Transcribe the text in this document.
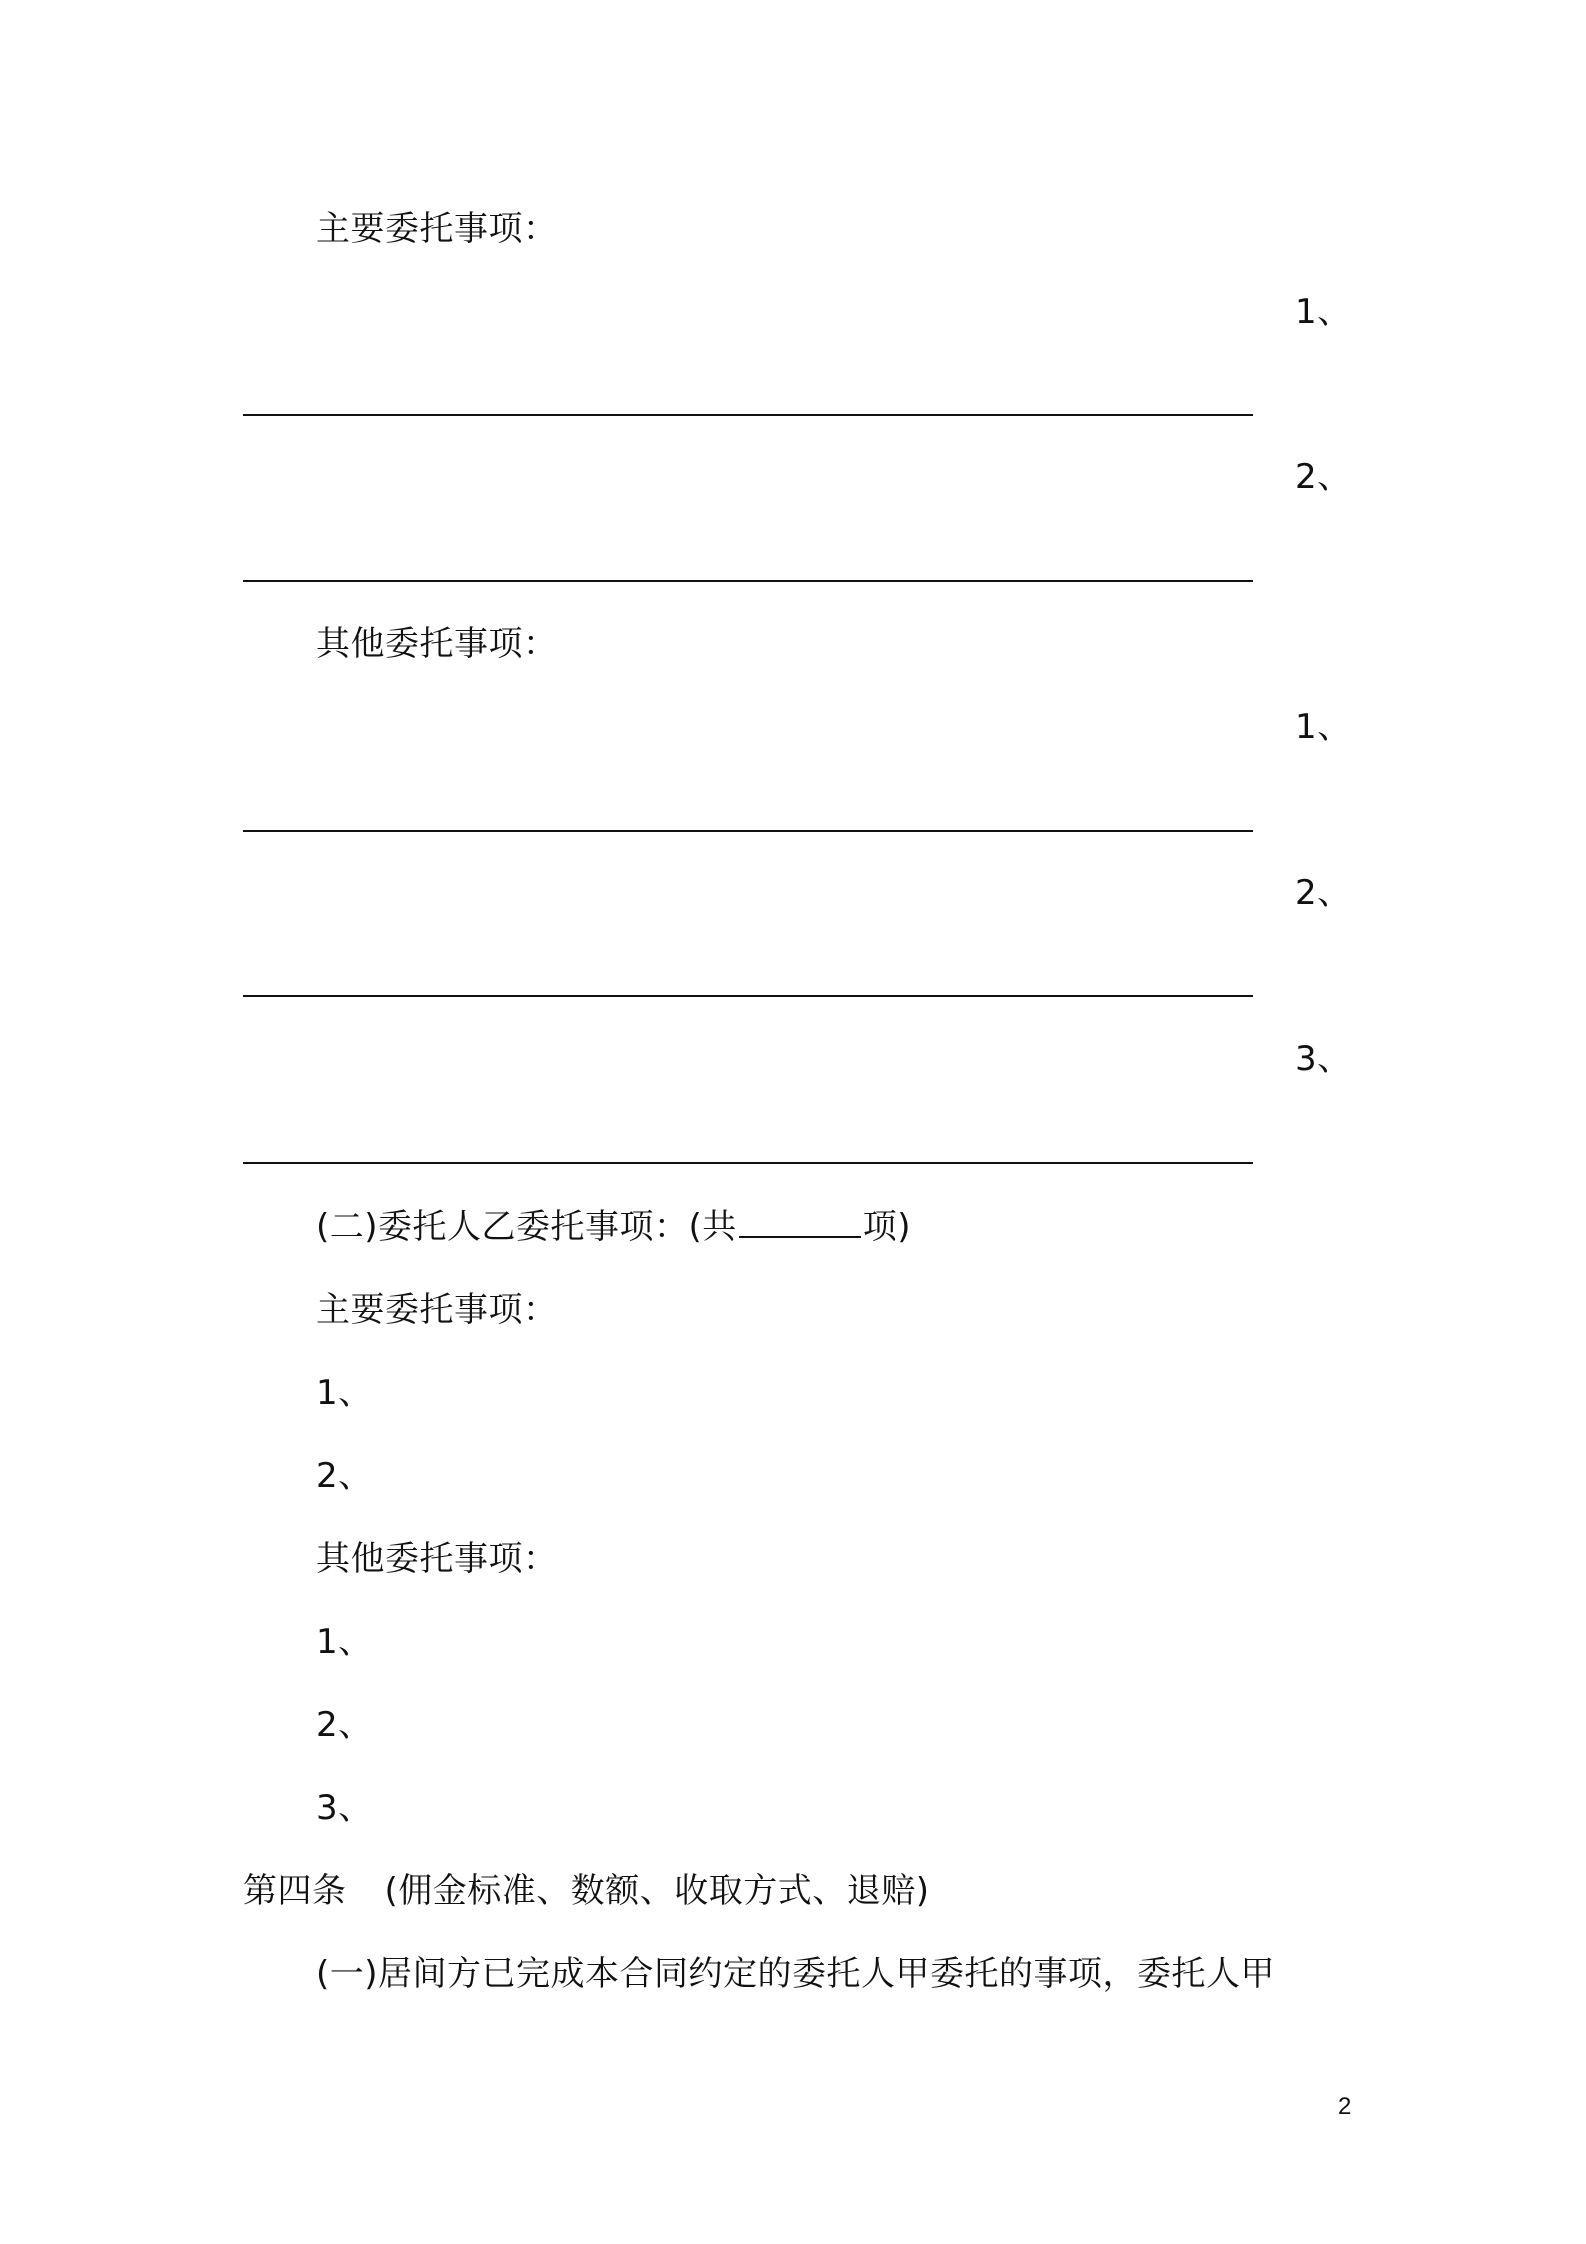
主要委托事项：
1、
2、
其他委托事项：
1、
2、
3、
(二)委托人乙委托事项：(共	项)
主要委托事项：
1、
2、
其他委托事项：
1、
2、
3、
第四条 (佣金标准、数额、收取方式、退赔)
(一)居间方已完成本合同约定的委托人甲委托的事项，委托人甲
2
